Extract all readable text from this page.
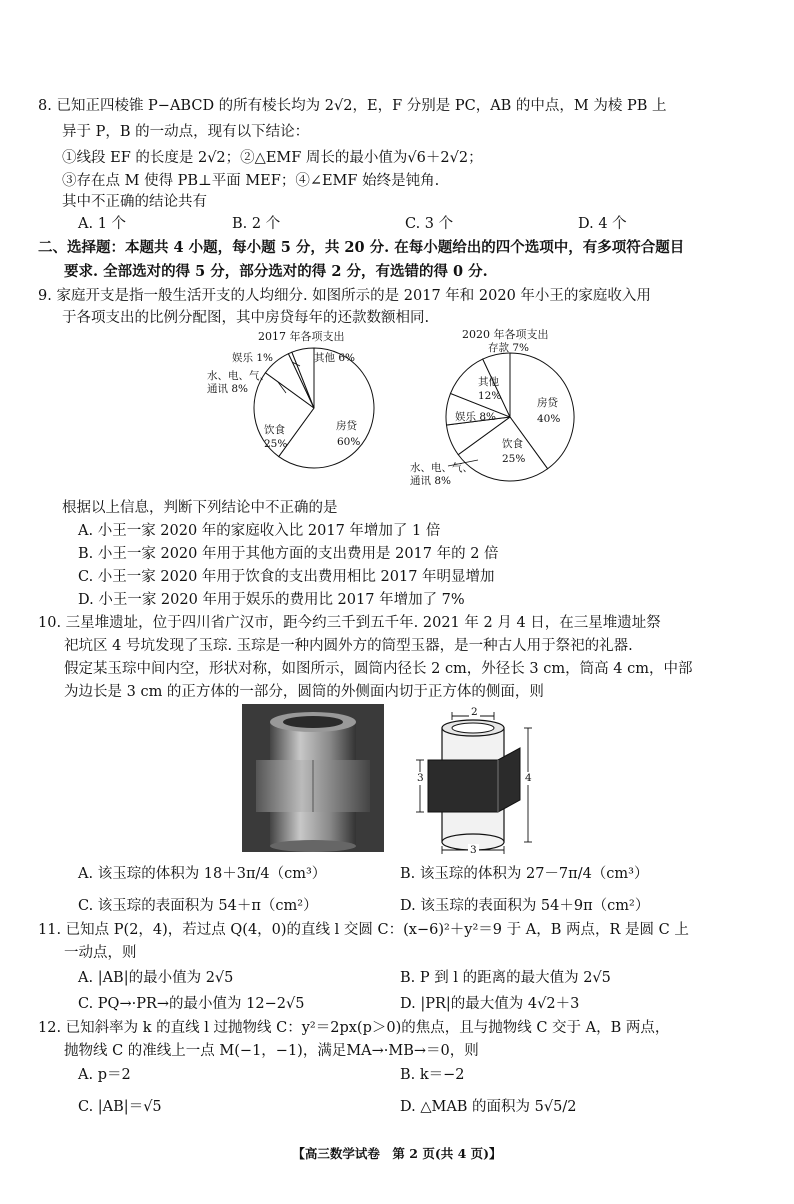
8. 已知正四棱锥 P−ABCD 的所有棱长均为 2√2，E，F 分别是 PC，AB 的中点，M 为棱 PB 上
异于 P，B 的一动点，现有以下结论：
①线段 EF 的长度是 2√2；②△EMF 周长的最小值为√6＋2√2；
③存在点 M 使得 PB⊥平面 MEF；④∠EMF 始终是钝角.
其中不正确的结论共有
A. 1 个	B. 2 个	C. 3 个	D. 4 个
二、选择题：本题共 4 小题，每小题 5 分，共 20 分. 在每小题给出的四个选项中，有多项符合题目
要求. 全部选对的得 5 分，部分选对的得 2 分，有选错的得 0 分.
9. 家庭开支是指一般生活开支的人均细分. 如图所示的是 2017 年和 2020 年小王的家庭收入用
于各项支出的比例分配图，其中房贷每年的还款数额相同.
2017 年各项支出	2020 年各项支出
其他 6%
娱乐 1%
水、电、气、
通讯 8%
饮食
25%
房贷
60%
存款 7%
其他
12%
娱乐 8%
房贷
40%
饮食
25%
水、电、气、
通讯 8%
根据以上信息，判断下列结论中不正确的是
A. 小王一家 2020 年的家庭收入比 2017 年增加了 1 倍
B. 小王一家 2020 年用于其他方面的支出费用是 2017 年的 2 倍
C. 小王一家 2020 年用于饮食的支出费用相比 2017 年明显增加
D. 小王一家 2020 年用于娱乐的费用比 2017 年增加了 7%
10. 三星堆遗址，位于四川省广汉市，距今约三千到五千年. 2021 年 2 月 4 日，在三星堆遗址祭
祀坑区 4 号坑发现了玉琮. 玉琮是一种内圆外方的筒型玉器，是一种古人用于祭祀的礼器.
假定某玉琮中间内空，形状对称，如图所示，圆筒内径长 2 cm，外径长 3 cm，筒高 4 cm，中部
为边长是 3 cm 的正方体的一部分，圆筒的外侧面内切于正方体的侧面，则
2
3	4
3
A. 该玉琮的体积为 18＋3π/4（cm³）	B. 该玉琮的体积为 27－7π/4（cm³）
C. 该玉琮的表面积为 54＋π（cm²）	D. 该玉琮的表面积为 54＋9π（cm²）
11. 已知点 P(2，4)，若过点 Q(4，0)的直线 l 交圆 C：(x−6)²＋y²＝9 于 A，B 两点，R 是圆 C 上
一动点，则
A. |AB|的最小值为 2√5	B. P 到 l 的距离的最大值为 2√5
C. PQ→·PR→的最小值为 12−2√5	D. |PR|的最大值为 4√2＋3
12. 已知斜率为 k 的直线 l 过抛物线 C：y²＝2px(p＞0)的焦点，且与抛物线 C 交于 A，B 两点，
抛物线 C 的准线上一点 M(−1，−1)，满足MA→·MB→＝0，则
A. p＝2	B. k＝−2
C. |AB|＝√5	D. △MAB 的面积为 5√5/2
【高三数学试卷　第 2 页(共 4 页)】
